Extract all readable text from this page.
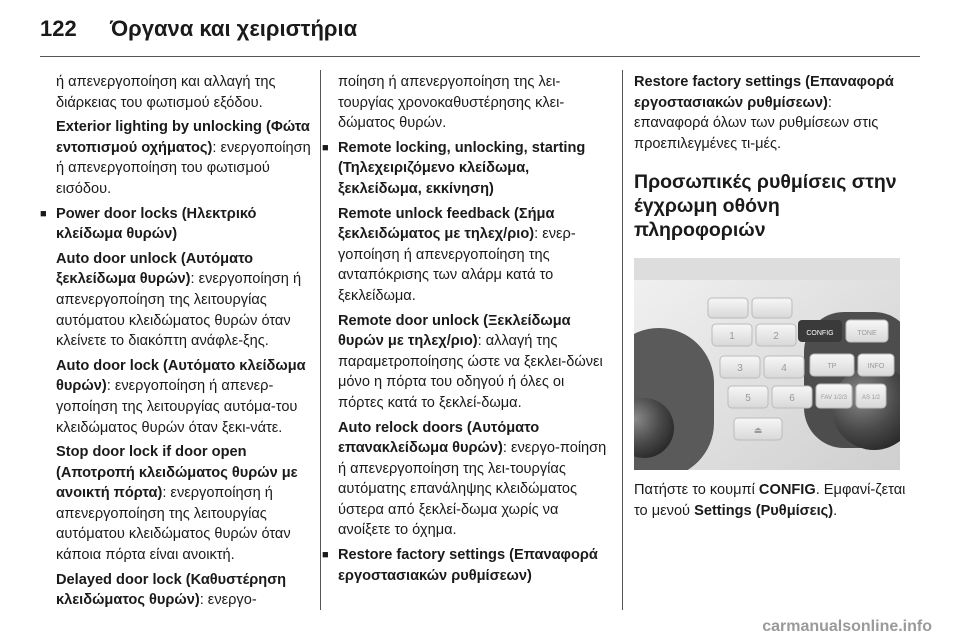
122 Όργανα και χειριστήρια

ή απενεργοποίηση και αλλαγή της διάρκειας του φωτισμού εξόδου.

Exterior lighting by unlocking (Φώτα εντοπισμού οχήματος): ενεργοποίηση ή απενεργοποίηση του φωτισμού εισόδου.

■ Power door locks (Ηλεκτρικό κλείδωμα θυρών)

Auto door unlock (Αυτόματο ξεκλείδωμα θυρών): ενεργοποίηση ή απενεργοποίηση της λειτουργίας αυτόματου κλειδώματος θυρών όταν κλείνετε το διακόπτη ανάφλε-ξης.

Auto door lock (Αυτόματο κλείδωμα θυρών): ενεργοποίηση ή απενερ-γοποίηση της λειτουργίας αυτόμα-του κλειδώματος θυρών όταν ξεκι-νάτε.

Stop door lock if door open (Αποτροπή κλειδώματος θυρών με ανοικτή πόρτα): ενεργοποίηση ή απενεργοποίηση της λειτουργίας αυτόματου κλειδώματος θυρών όταν κάποια πόρτα είναι ανοικτή.

Delayed door lock (Καθυστέρηση κλειδώματος θυρών): ενεργο-

ποίηση ή απενεργοποίηση της λει-τουργίας χρονοκαθυστέρησης κλει-δώματος θυρών.

■ Remote locking, unlocking, starting (Τηλεχειριζόμενο κλείδωμα, ξεκλείδωμα, εκκίνηση)

Remote unlock feedback (Σήμα ξεκλειδώματος με τηλεχ/ριο): ενερ-γοποίηση ή απενεργοποίηση της ανταπόκρισης των αλάρμ κατά το ξεκλείδωμα.

Remote door unlock (Ξεκλείδωμα θυρών με τηλεχ/ριο): αλλαγή της παραμετροποίησης ώστε να ξεκλει-δώνει μόνο η πόρτα του οδηγού ή όλες οι πόρτες κατά το ξεκλεί-δωμα.

Auto relock doors (Αυτόματο επανακλείδωμα θυρών): ενεργο-ποίηση ή απενεργοποίηση της λει-τουργίας αυτόματης επανάληψης κλειδώματος ύστερα από ξεκλεί-δωμα χωρίς να ανοίξετε το όχημα.

■ Restore factory settings (Επαναφορά εργοστασιακών ρυθμίσεων)

Restore factory settings (Επαναφορά εργοστασιακών ρυθμίσεων): επαναφορά όλων των ρυθμίσεων στις προεπιλεγμένες τι-μές.

Προσωπικές ρυθμίσεις στην έγχρωμη οθόνη πληροφοριών
CONFIG	TONE
1	2
3	4	TP	INFO
5	6	FAV 1/2/3	AS 1/2
⏏

Πατήστε το κουμπί CONFIG. Εμφανί-ζεται το μενού Settings (Ρυθμίσεις).

carmanualsonline.info
